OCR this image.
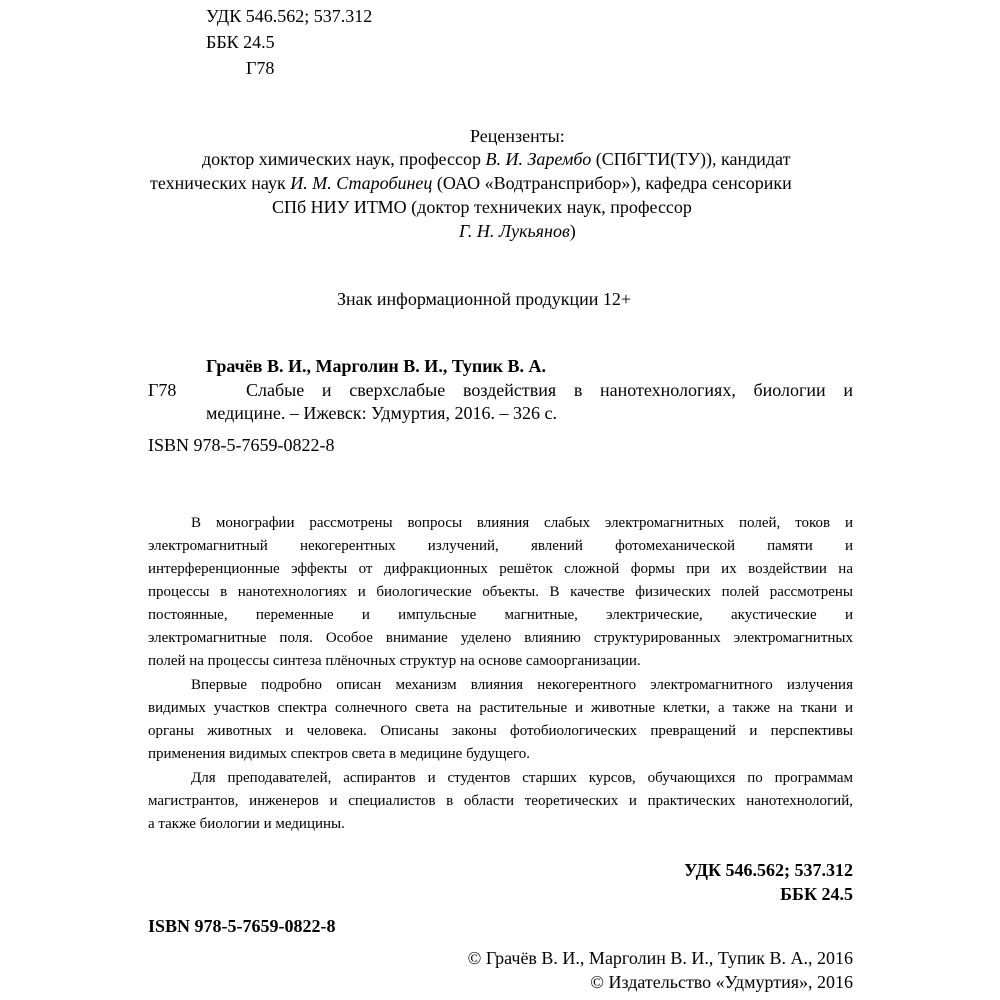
УДК 546.562; 537.312
ББК 24.5
Г78
Рецензенты:
доктор химических наук, профессор В. И. Зарембо (СПбГТИ(ТУ)), кандидат
технических наук И. М. Старобинец (ОАО «Водтрансприбор»), кафедра сенсорики
СПб НИУ ИТМО (доктор техничеких наук, профессор
Г. Н. Лукьянов)
Знак информационной продукции 12+
Грачёв В. И., Марголин В. И., Тупик В. А.
Г78	Слабые и сверхслабые воздействия в нанотехнологиях, биологии и
медицине. – Ижевск: Удмуртия, 2016. – 326 с.
ISBN 978-5-7659-0822-8
В монографии рассмотрены вопросы влияния слабых электромагнитных полей, токов и
электромагнитный некогерентных излучений, явлений фотомеханической памяти и
интерференционные эффекты от дифракционных решёток сложной формы при их воздействии на
процессы в нанотехнологиях и биологические объекты. В качестве физических полей рассмотрены
постоянные, переменные и импульсные магнитные, электрические, акустические и
электромагнитные поля. Особое внимание уделено влиянию структурированных электромагнитных
полей на процессы синтеза плёночных структур на основе самоорганизации.
Впервые подробно описан механизм влияния некогерентного электромагнитного излучения
видимых участков спектра солнечного света на растительные и животные клетки, а также на ткани и
органы животных и человека. Описаны законы фотобиологических превращений и перспективы
применения видимых спектров света в медицине будущего.
Для преподавателей, аспирантов и студентов старших курсов, обучающихся по программам
магистрантов, инженеров и специалистов в области теоретических и практических нанотехнологий,
а также биологии и медицины.
УДК 546.562; 537.312
ББК 24.5
ISBN 978-5-7659-0822-8
© Грачёв В. И., Марголин В. И., Тупик В. А., 2016
© Издательство «Удмуртия», 2016
